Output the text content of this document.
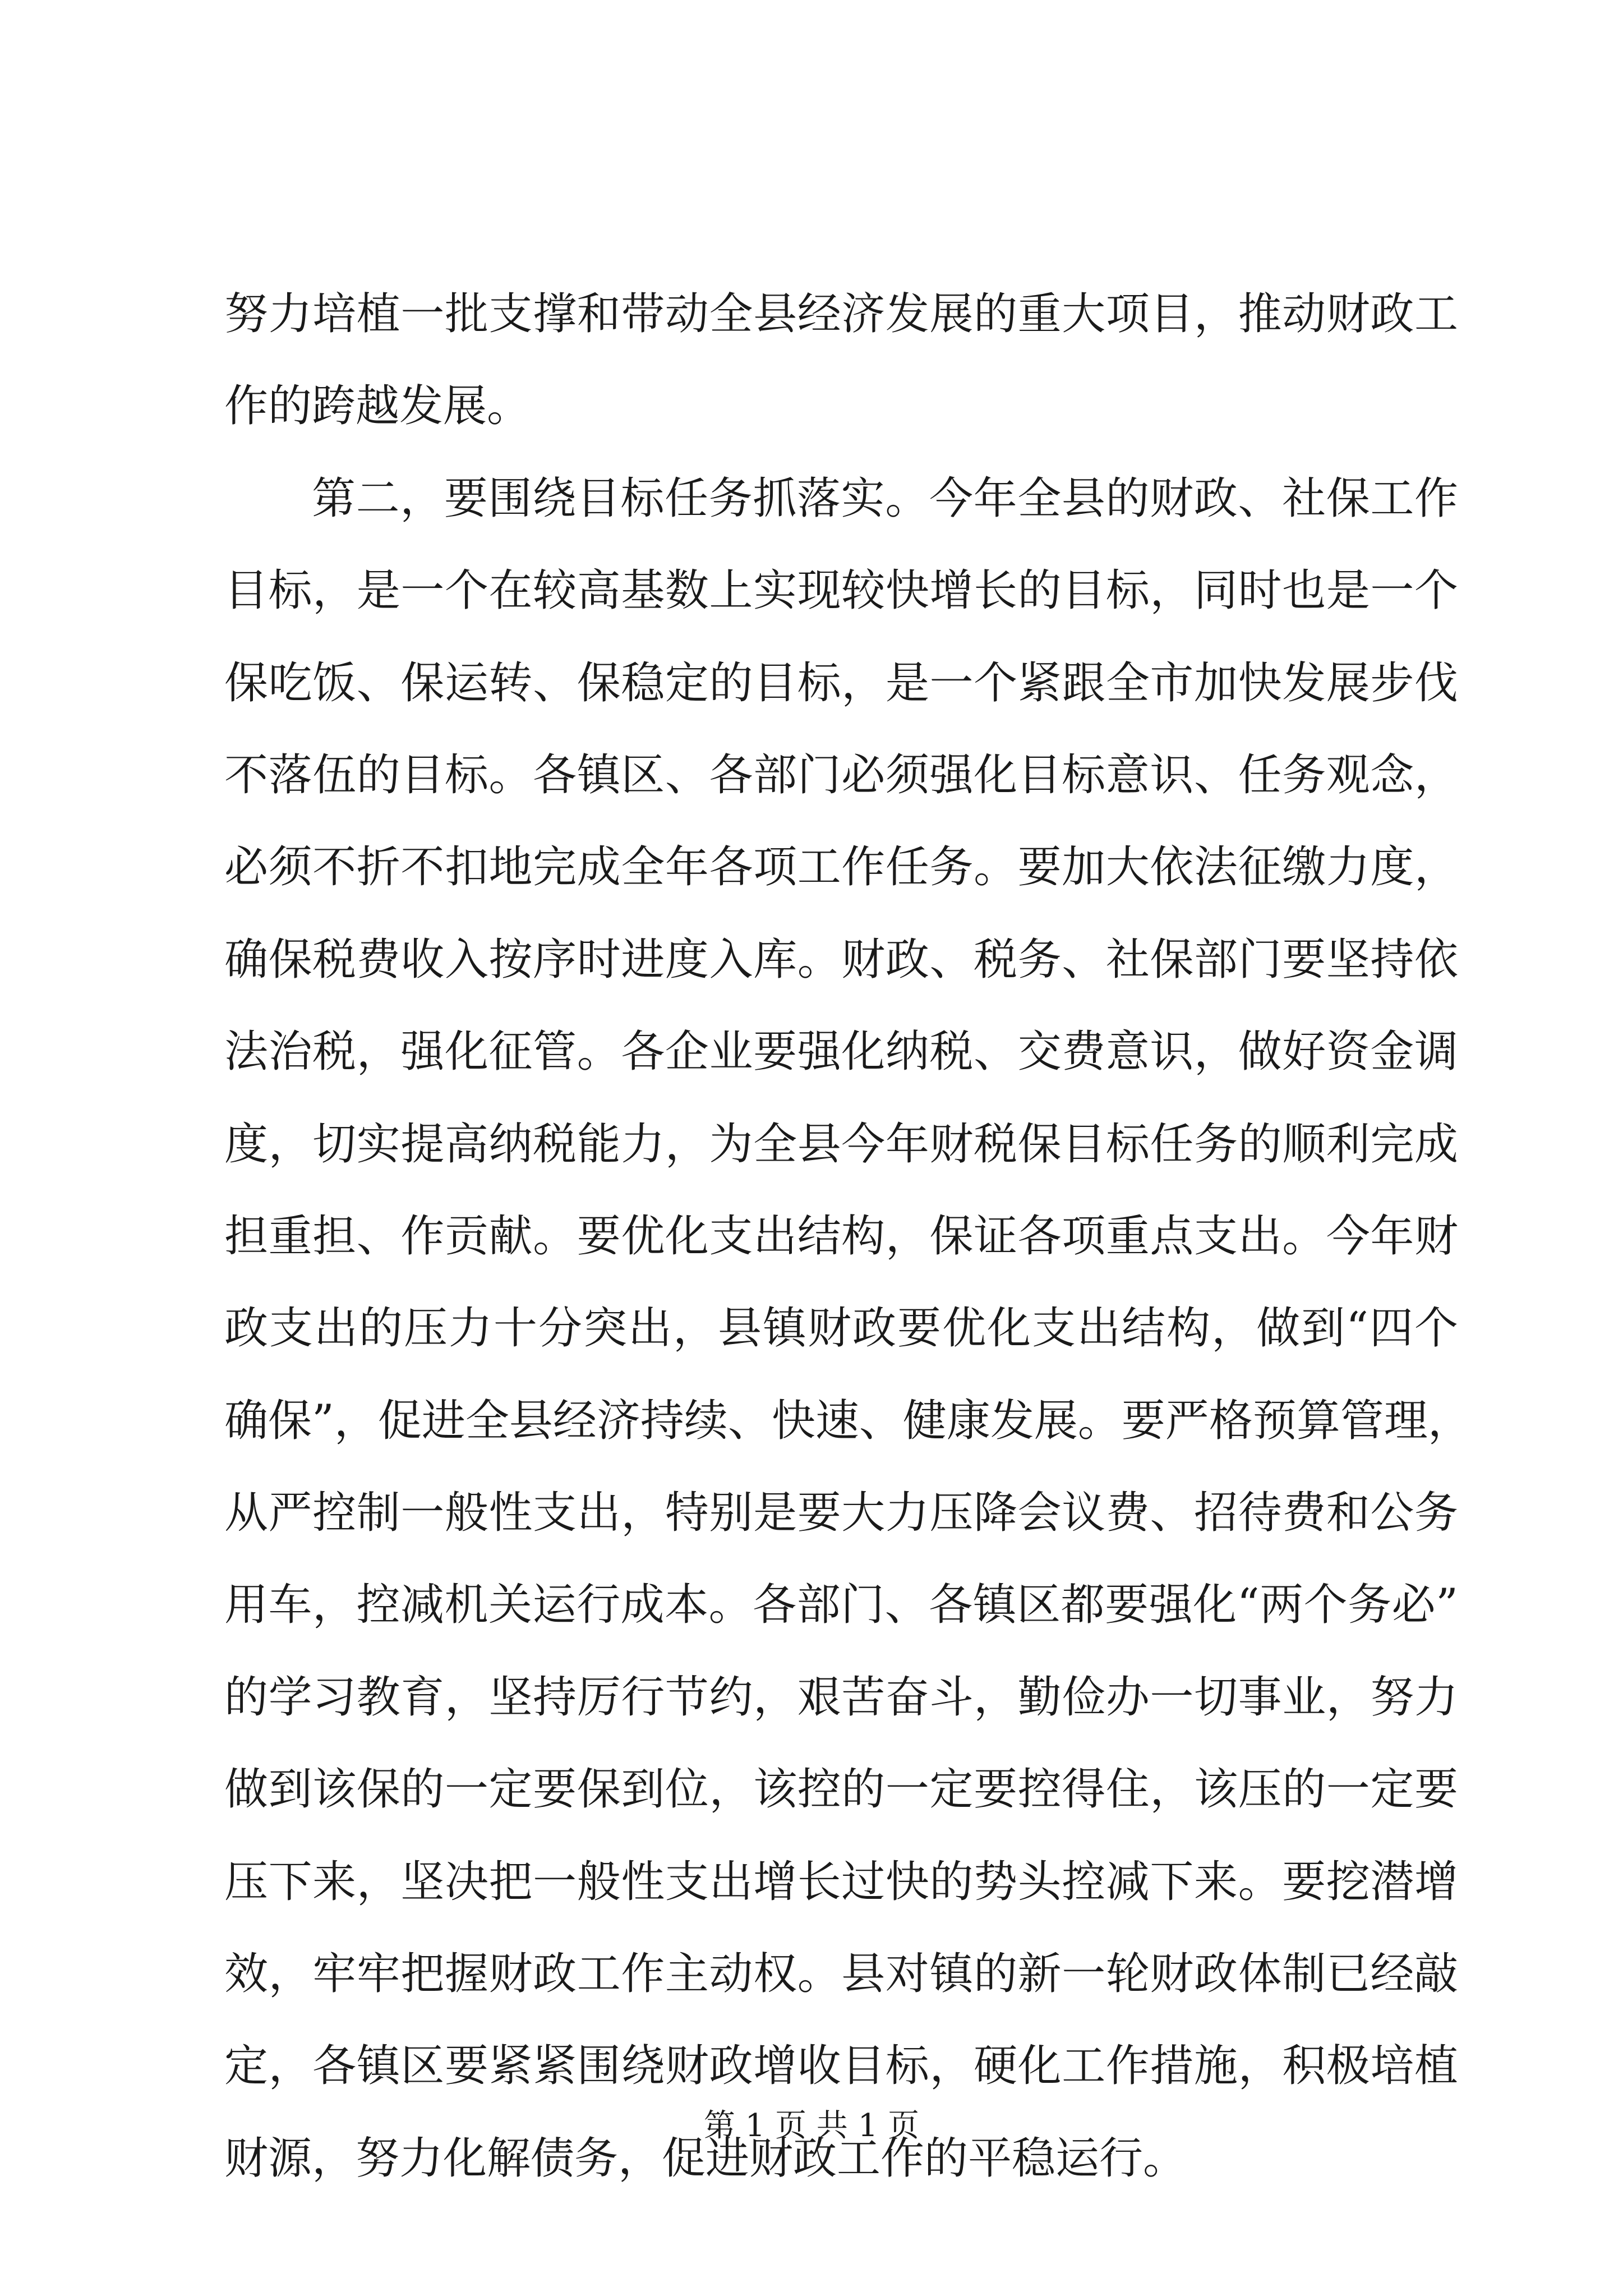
努力培植一批支撑和带动全县经济发展的重大项目，推动财政工
作的跨越发展。
第二，要围绕目标任务抓落实。今年全县的财政、社保工作
目标，是一个在较高基数上实现较快增长的目标，同时也是一个
保吃饭、保运转、保稳定的目标，是一个紧跟全市加快发展步伐
不落伍的目标。各镇区、各部门必须强化目标意识、任务观念，
必须不折不扣地完成全年各项工作任务。要加大依法征缴力度，
确保税费收入按序时进度入库。财政、税务、社保部门要坚持依
法治税，强化征管。各企业要强化纳税、交费意识，做好资金调
度，切实提高纳税能力，为全县今年财税保目标任务的顺利完成
担重担、作贡献。要优化支出结构，保证各项重点支出。今年财
政支出的压力十分突出，县镇财政要优化支出结构，做到“四个
确保”，促进全县经济持续、快速、健康发展。要严格预算管理，
从严控制一般性支出，特别是要大力压降会议费、招待费和公务
用车，控减机关运行成本。各部门、各镇区都要强化“两个务必”
的学习教育，坚持厉行节约，艰苦奋斗，勤俭办一切事业，努力
做到该保的一定要保到位，该控的一定要控得住，该压的一定要
压下来，坚决把一般性支出增长过快的势头控减下来。要挖潜增
效，牢牢把握财政工作主动权。县对镇的新一轮财政体制已经敲
定，各镇区要紧紧围绕财政增收目标，硬化工作措施，积极培植
财源，努力化解债务，促进财政工作的平稳运行。
第 1 页 共 1 页
